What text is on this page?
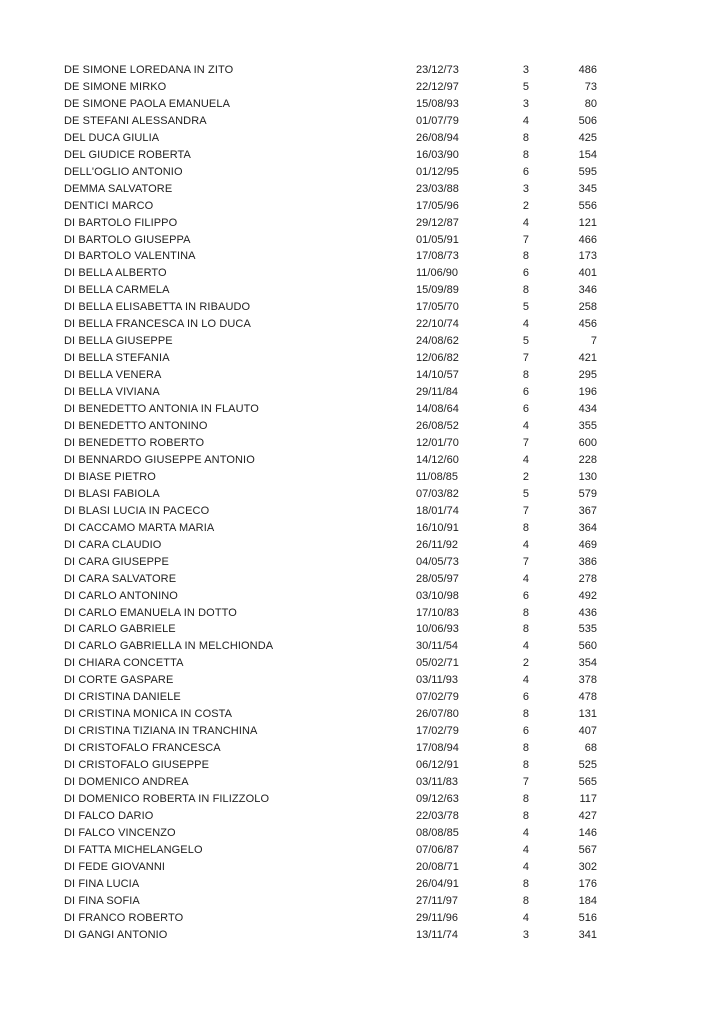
DE SIMONE LOREDANA IN ZITO	23/12/73	3	486
DE SIMONE MIRKO	22/12/97	5	73
DE SIMONE PAOLA EMANUELA	15/08/93	3	80
DE STEFANI ALESSANDRA	01/07/79	4	506
DEL DUCA GIULIA	26/08/94	8	425
DEL GIUDICE ROBERTA	16/03/90	8	154
DELL'OGLIO ANTONIO	01/12/95	6	595
DEMMA SALVATORE	23/03/88	3	345
DENTICI MARCO	17/05/96	2	556
DI BARTOLO FILIPPO	29/12/87	4	121
DI BARTOLO GIUSEPPA	01/05/91	7	466
DI BARTOLO VALENTINA	17/08/73	8	173
DI BELLA ALBERTO	11/06/90	6	401
DI BELLA CARMELA	15/09/89	8	346
DI BELLA ELISABETTA IN RIBAUDO	17/05/70	5	258
DI BELLA FRANCESCA IN LO DUCA	22/10/74	4	456
DI BELLA GIUSEPPE	24/08/62	5	7
DI BELLA STEFANIA	12/06/82	7	421
DI BELLA VENERA	14/10/57	8	295
DI BELLA VIVIANA	29/11/84	6	196
DI BENEDETTO ANTONIA IN FLAUTO	14/08/64	6	434
DI BENEDETTO ANTONINO	26/08/52	4	355
DI BENEDETTO ROBERTO	12/01/70	7	600
DI BENNARDO GIUSEPPE ANTONIO	14/12/60	4	228
DI BIASE PIETRO	11/08/85	2	130
DI BLASI FABIOLA	07/03/82	5	579
DI BLASI LUCIA IN PACECO	18/01/74	7	367
DI CACCAMO MARTA MARIA	16/10/91	8	364
DI CARA CLAUDIO	26/11/92	4	469
DI CARA GIUSEPPE	04/05/73	7	386
DI CARA SALVATORE	28/05/97	4	278
DI CARLO ANTONINO	03/10/98	6	492
DI CARLO EMANUELA IN DOTTO	17/10/83	8	436
DI CARLO GABRIELE	10/06/93	8	535
DI CARLO GABRIELLA IN MELCHIONDA	30/11/54	4	560
DI CHIARA CONCETTA	05/02/71	2	354
DI CORTE GASPARE	03/11/93	4	378
DI CRISTINA DANIELE	07/02/79	6	478
DI CRISTINA MONICA IN COSTA	26/07/80	8	131
DI CRISTINA TIZIANA IN TRANCHINA	17/02/79	6	407
DI CRISTOFALO FRANCESCA	17/08/94	8	68
DI CRISTOFALO GIUSEPPE	06/12/91	8	525
DI DOMENICO ANDREA	03/11/83	7	565
DI DOMENICO ROBERTA IN FILIZZOLO	09/12/63	8	117
DI FALCO DARIO	22/03/78	8	427
DI FALCO VINCENZO	08/08/85	4	146
DI FATTA MICHELANGELO	07/06/87	4	567
DI FEDE GIOVANNI	20/08/71	4	302
DI FINA LUCIA	26/04/91	8	176
DI FINA SOFIA	27/11/97	8	184
DI FRANCO ROBERTO	29/11/96	4	516
DI GANGI ANTONIO	13/11/74	3	341
